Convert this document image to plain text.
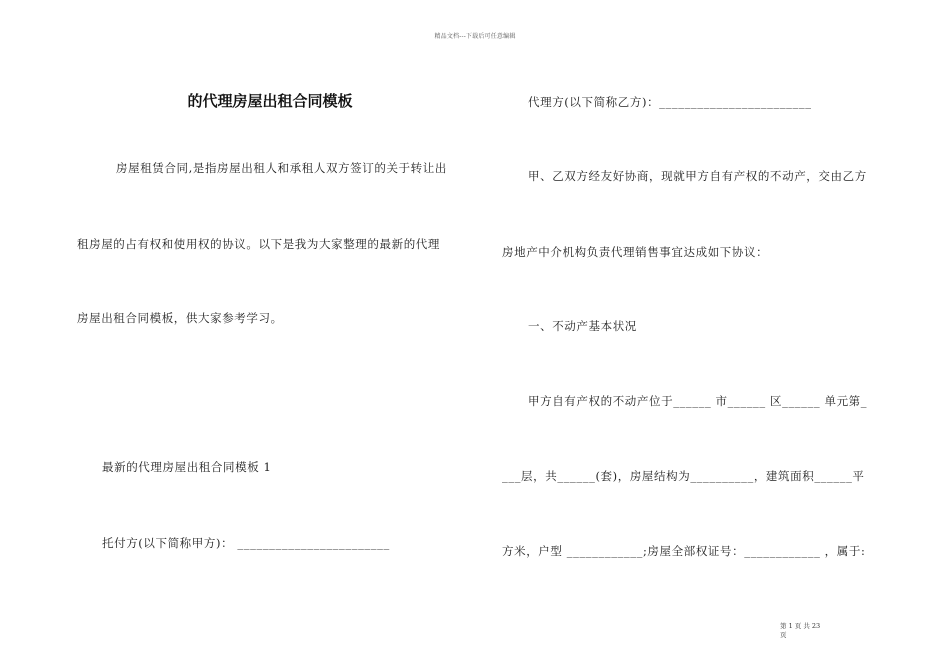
精品文档---下载后可任意编辑
的代理房屋出租合同模板
房屋租赁合同,是指房屋出租人和承租人双方签订的关于转让出
租房屋的占有权和使用权的协议。以下是我为大家整理的最新的代理
房屋出租合同模板，供大家参考学习。
最新的代理房屋出租合同模板 1
托付方(以下简称甲方)： ________________________
代理方(以下简称乙方)：________________________
甲、乙双方经友好协商，现就甲方自有产权的不动产，交由乙方
房地产中介机构负责代理销售事宜达成如下协议：
一、不动产基本状况
甲方自有产权的不动产位于______ 市______ 区______ 单元第_
___层，共______(套)，房屋结构为__________，建筑面积______平
方米，户型 ____________;房屋全部权证号：____________ ，属于:
第 1 页 共 23
页
